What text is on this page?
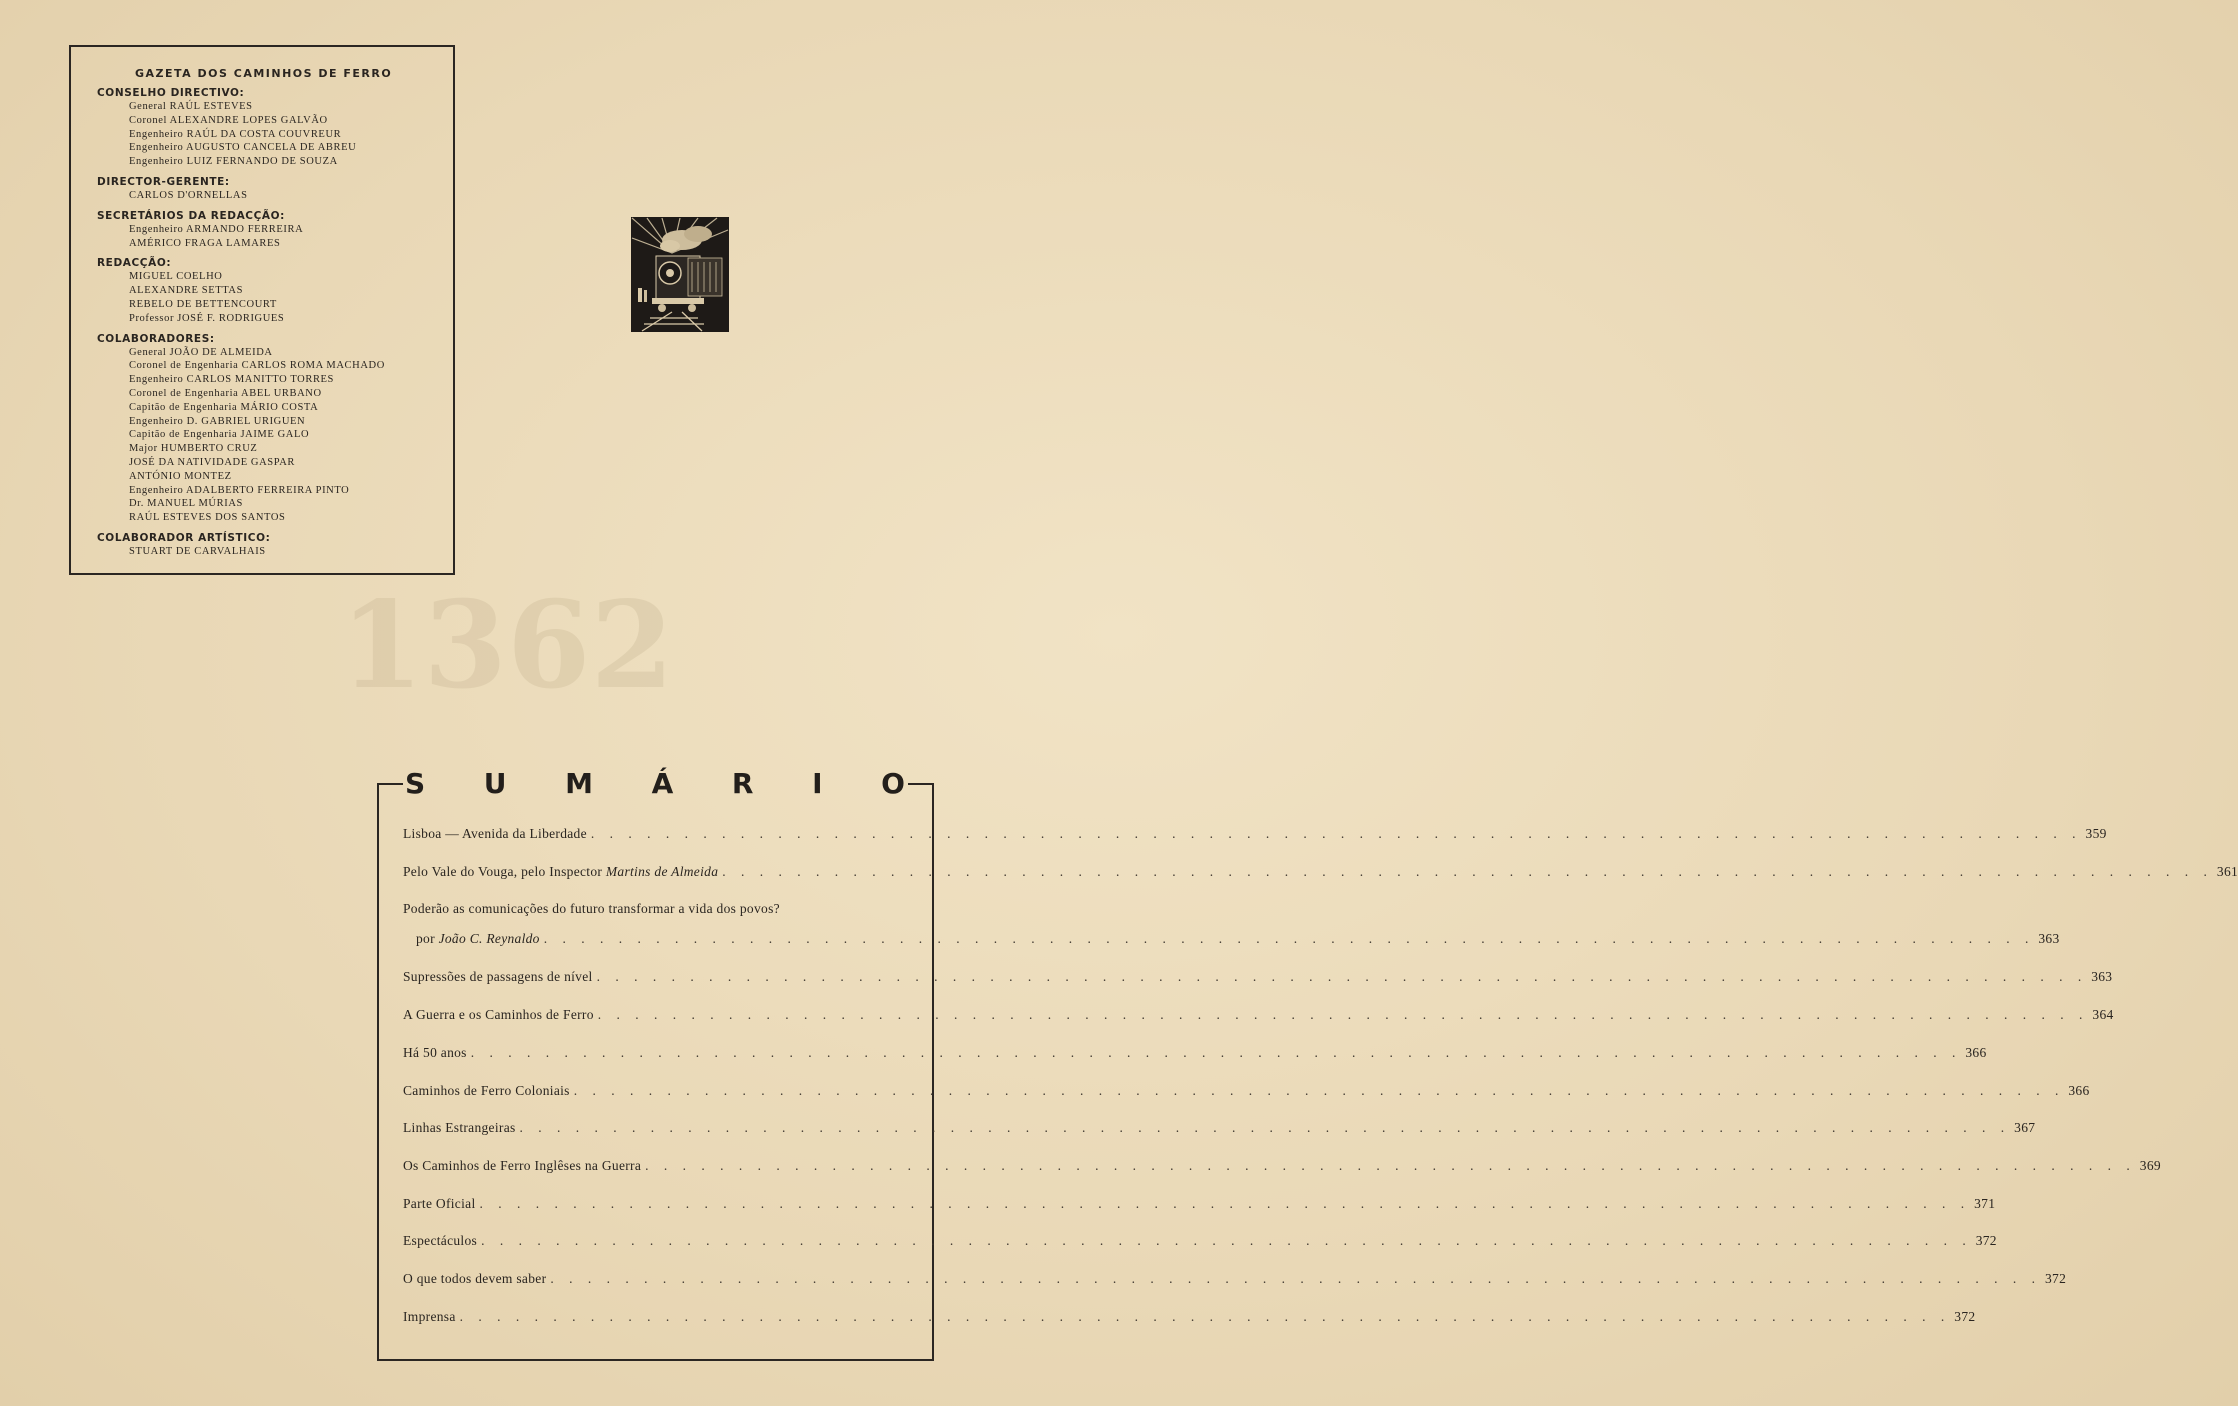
1362
GAZETA DOS CAMINHOS DE FERRO
CONSELHO DIRECTIVO:
General RAÚL ESTEVES
Coronel ALEXANDRE LOPES GALVÃO
Engenheiro RAÚL DA COSTA COUVREUR
Engenheiro AUGUSTO CANCELA DE ABREU
Engenheiro LUIZ FERNANDO DE SOUZA
DIRECTOR-GERENTE:
CARLOS D'ORNELLAS
SECRETÁRIOS DA REDACÇÃO:
Engenheiro ARMANDO FERREIRA
AMÉRICO FRAGA LAMARES
REDACÇÃO:
MIGUEL COELHO
ALEXANDRE SETTAS
REBELO DE BETTENCOURT
Professor JOSÉ F. RODRIGUES
COLABORADORES:
General JOÃO DE ALMEIDA
Coronel de Engenharia CARLOS ROMA MACHADO
Engenheiro CARLOS MANITTO TORRES
Coronel de Engenharia ABEL URBANO
Capitão de Engenharia MÁRIO COSTA
Engenheiro D. GABRIEL URIGUEN
Capitão de Engenharia JAIME GALO
Major HUMBERTO CRUZ
JOSÉ DA NATIVIDADE GASPAR
ANTÓNIO MONTEZ
Engenheiro ADALBERTO FERREIRA PINTO
Dr. MANUEL MÚRIAS
RAÚL ESTEVES DOS SANTOS
COLABORADOR ARTÍSTICO:
STUART DE CARVALHAIS
S U M Á R I O
Lisboa — Avenida da Liberdade . . . . . . . . . . . . . . . . . . . . . . . . . . . . . . . . . . . . . . . . . . . . . . . . . . . . . . . . . . . . . . . . . . . . . . . . . . . . . . . . 359
Pelo Vale do Vouga, pelo Inspector Martins de Almeida . . . . . . . . . . . . . . . . . . . . . . . . . . . . . . . . . . . . . . . . . . . . . . . . . . . . . . . . . . . . . . . . . . . . . . . . . . . . . . . . 361
Poderão as comunicações do futuro transformar a vida dos povos?
por João C. Reynaldo . . . . . . . . . . . . . . . . . . . . . . . . . . . . . . . . . . . . . . . . . . . . . . . . . . . . . . . . . . . . . . . . . . . . . . . . . . . . . . . . 363
Supressões de passagens de nível . . . . . . . . . . . . . . . . . . . . . . . . . . . . . . . . . . . . . . . . . . . . . . . . . . . . . . . . . . . . . . . . . . . . . . . . . . . . . . . . 363
A Guerra e os Caminhos de Ferro . . . . . . . . . . . . . . . . . . . . . . . . . . . . . . . . . . . . . . . . . . . . . . . . . . . . . . . . . . . . . . . . . . . . . . . . . . . . . . . . 364
Há 50 anos . . . . . . . . . . . . . . . . . . . . . . . . . . . . . . . . . . . . . . . . . . . . . . . . . . . . . . . . . . . . . . . . . . . . . . . . . . . . . . . . 366
Caminhos de Ferro Coloniais . . . . . . . . . . . . . . . . . . . . . . . . . . . . . . . . . . . . . . . . . . . . . . . . . . . . . . . . . . . . . . . . . . . . . . . . . . . . . . . . 366
Linhas Estrangeiras . . . . . . . . . . . . . . . . . . . . . . . . . . . . . . . . . . . . . . . . . . . . . . . . . . . . . . . . . . . . . . . . . . . . . . . . . . . . . . . . 367
Os Caminhos de Ferro Inglêses na Guerra . . . . . . . . . . . . . . . . . . . . . . . . . . . . . . . . . . . . . . . . . . . . . . . . . . . . . . . . . . . . . . . . . . . . . . . . . . . . . . . . 369
Parte Oficial . . . . . . . . . . . . . . . . . . . . . . . . . . . . . . . . . . . . . . . . . . . . . . . . . . . . . . . . . . . . . . . . . . . . . . . . . . . . . . . . 371
Espectáculos . . . . . . . . . . . . . . . . . . . . . . . . . . . . . . . . . . . . . . . . . . . . . . . . . . . . . . . . . . . . . . . . . . . . . . . . . . . . . . . . 372
O que todos devem saber . . . . . . . . . . . . . . . . . . . . . . . . . . . . . . . . . . . . . . . . . . . . . . . . . . . . . . . . . . . . . . . . . . . . . . . . . . . . . . . . 372
Imprensa . . . . . . . . . . . . . . . . . . . . . . . . . . . . . . . . . . . . . . . . . . . . . . . . . . . . . . . . . . . . . . . . . . . . . . . . . . . . . . . . 372
